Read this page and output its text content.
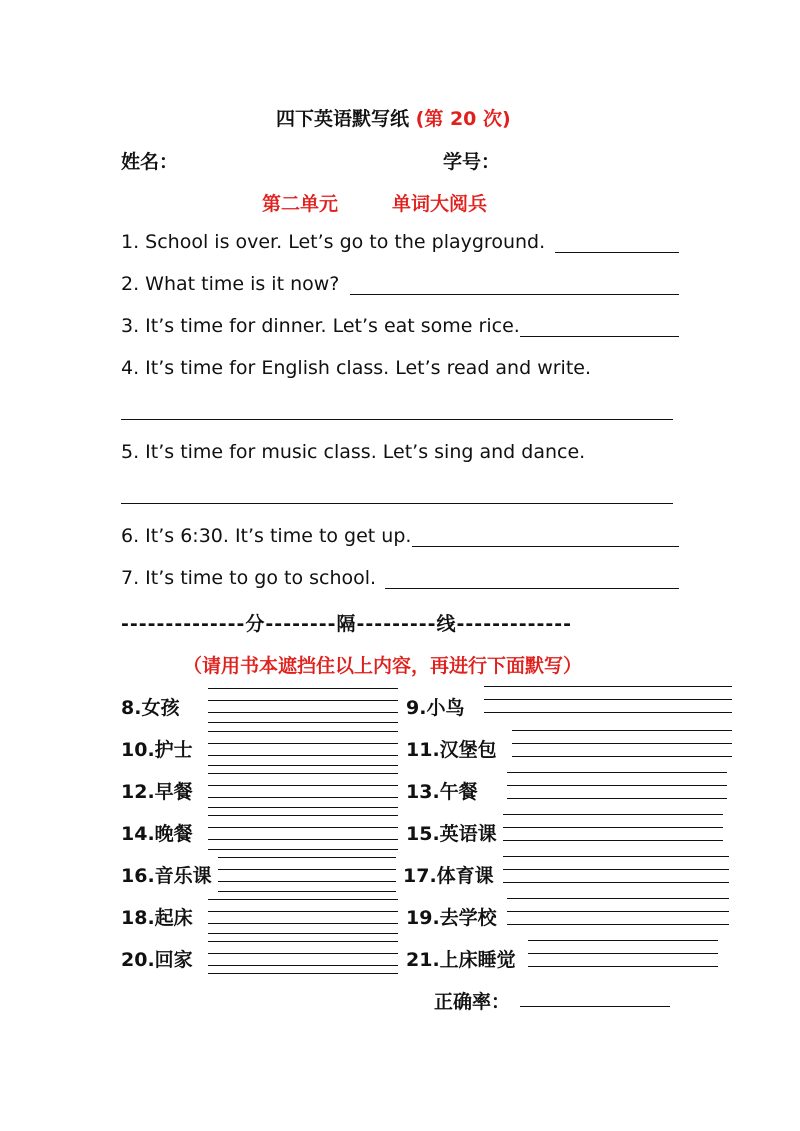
四下英语默写纸 (第 20 次)
姓名：	学号：
第二单元	单词大阅兵
1. School is over. Let’s go to the playground.
2. What time is it now?
3. It’s time for dinner. Let’s eat some rice.
4. It’s time for English class. Let’s read and write.
5. It’s time for music class. Let’s sing and dance.
6. It’s 6:30. It’s time to get up.
7. It’s time to go to school.
--------------分--------隔---------线-------------
（请用书本遮挡住以上内容，再进行下面默写）
8.女孩	9.小鸟
10.护士	11.汉堡包
12.早餐	13.午餐
14.晚餐	15.英语课
16.音乐课	17.体育课
18.起床	19.去学校
20.回家	21.上床睡觉
正确率：
